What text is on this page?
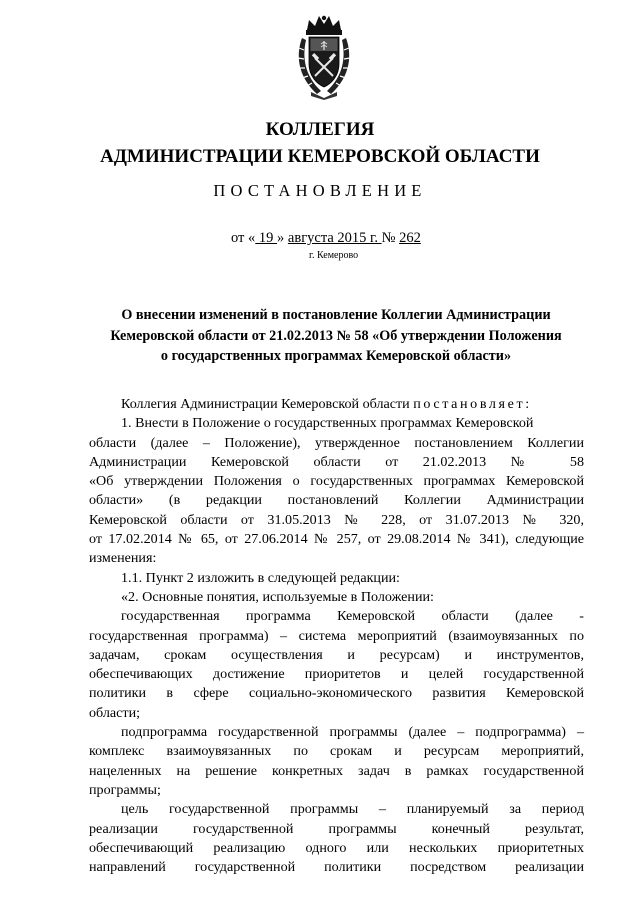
КОЛЛЕГИЯ
АДМИНИСТРАЦИИ КЕМЕРОВСКОЙ ОБЛАСТИ
ПОСТАНОВЛЕНИЕ
от « 19 » августа 2015 г. № 262
г. Кемерово
О внесении изменений в постановление Коллегии Администрации
Кемеровской области от 21.02.2013 № 58 «Об утверждении Положения
о государственных программах Кемеровской области»
Коллегия Администрации Кемеровской области постановляет:
1. Внести в Положение о государственных программах Кемеровской
области (далее – Положение), утвержденное постановлением Коллегии
Администрации Кемеровской области от 21.02.2013 № 58
«Об утверждении Положения о государственных программах Кемеровской
области» (в редакции постановлений Коллегии Администрации
Кемеровской области от 31.05.2013 № 228, от 31.07.2013 № 320,
от 17.02.2014 № 65, от 27.06.2014 № 257, от 29.08.2014 № 341), следующие
изменения:
1.1. Пункт 2 изложить в следующей редакции:
«2. Основные понятия, используемые в Положении:
государственная программа Кемеровской области (далее -
государственная программа) – система мероприятий (взаимоувязанных по
задачам, срокам осуществления и ресурсам) и инструментов,
обеспечивающих достижение приоритетов и целей государственной
политики в сфере социально-экономического развития Кемеровской
области;
подпрограмма государственной программы (далее – подпрограмма) –
комплекс взаимоувязанных по срокам и ресурсам мероприятий,
нацеленных на решение конкретных задач в рамках государственной
программы;
цель государственной программы – планируемый за период
реализации государственной программы конечный результат,
обеспечивающий реализацию одного или нескольких приоритетных
направлений государственной политики посредством реализации
